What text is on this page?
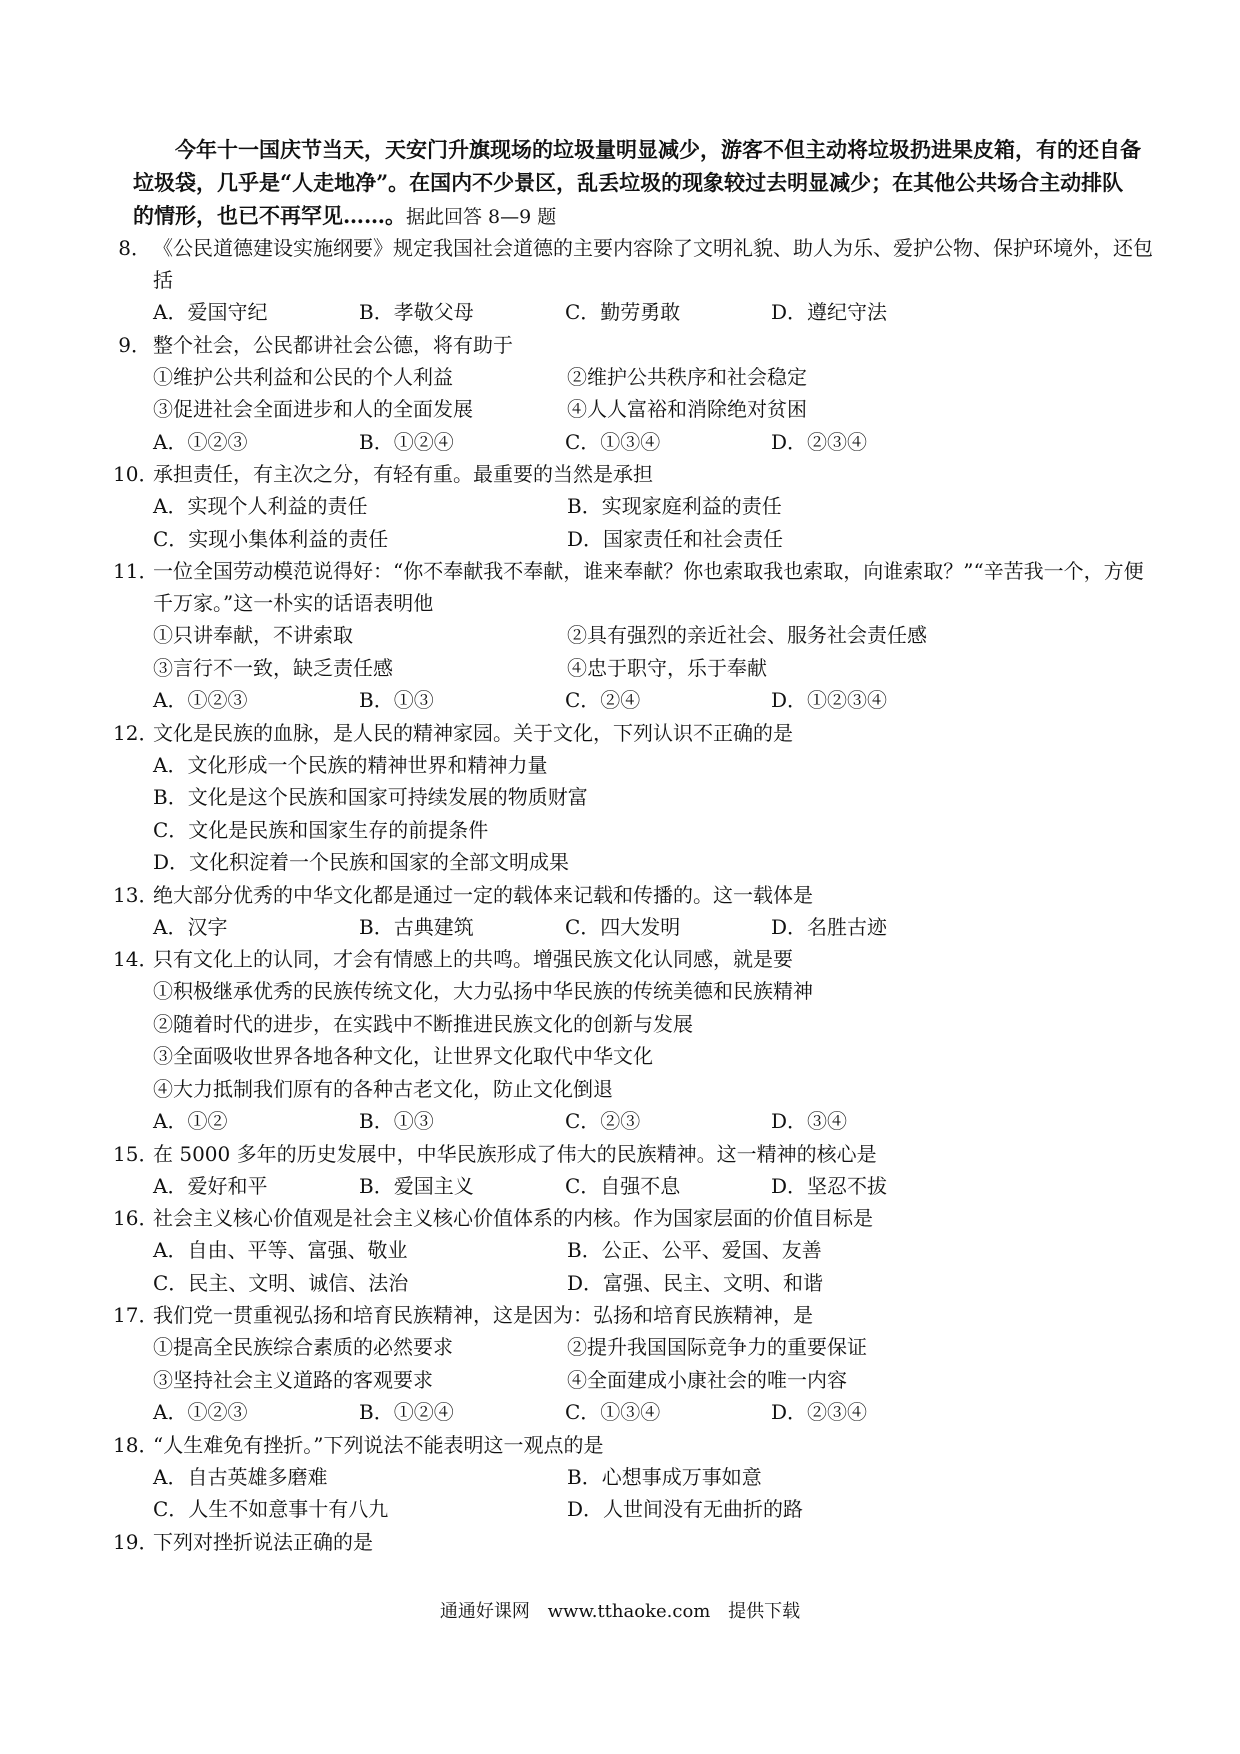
今年十一国庆节当天，天安门升旗现场的垃圾量明显减少，游客不但主动将垃圾扔进果皮箱，有的还自备垃圾袋，几乎是“人走地净”。在国内不少景区，乱丢垃圾的现象较过去明显减少；在其他公共场合主动排队的情形，也已不再罕见……。据此回答 8—9 题

8． 《公民道德建设实施纲要》规定我国社会道德的主要内容除了文明礼貌、助人为乐、爱护公物、保护环境外，还包括
A．爱国守纪	B．孝敬父母	C．勤劳勇敢	D．遵纪守法
9． 整个社会，公民都讲社会公德，将有助于
①维护公共利益和公民的个人利益	②维护公共秩序和社会稳定
③促进社会全面进步和人的全面发展	④人人富裕和消除绝对贫困
A．①②③	B．①②④	C．①③④	D．②③④
10．
承担责任，有主次之分，有轻有重。最重要的当然是承担
A．实现个人利益的责任	B．实现家庭利益的责任
C．实现小集体利益的责任	D．国家责任和社会责任
11．
一位全国劳动模范说得好：“你不奉献我不奉献，谁来奉献？你也索取我也索取，向谁索取？”“辛苦我一个，方便千万家。”这一朴实的话语表明他
①只讲奉献，不讲索取	②具有强烈的亲近社会、服务社会责任感
③言行不一致，缺乏责任感	④忠于职守，乐于奉献
A．①②③	B．①③	C．②④	D．①②③④
12．
文化是民族的血脉，是人民的精神家园。关于文化，下列认识不正确的是
A．文化形成一个民族的精神世界和精神力量
B．文化是这个民族和国家可持续发展的物质财富
C．文化是民族和国家生存的前提条件
D．文化积淀着一个民族和国家的全部文明成果
13．
绝大部分优秀的中华文化都是通过一定的载体来记载和传播的。这一载体是
A．汉字	B．古典建筑	C．四大发明	D．名胜古迹
14．
只有文化上的认同，才会有情感上的共鸣。增强民族文化认同感，就是要
①积极继承优秀的民族传统文化，大力弘扬中华民族的传统美德和民族精神
②随着时代的进步，在实践中不断推进民族文化的创新与发展
③全面吸收世界各地各种文化，让世界文化取代中华文化
④大力抵制我们原有的各种古老文化，防止文化倒退
A．①②	B．①③	C．②③	D．③④
15．
在 5000 多年的历史发展中，中华民族形成了伟大的民族精神。这一精神的核心是
A．爱好和平	B．爱国主义	C．自强不息	D．坚忍不拔
16．
社会主义核心价值观是社会主义核心价值体系的内核。作为国家层面的价值目标是
A．自由、平等、富强、敬业	B．公正、公平、爱国、友善
C．民主、文明、诚信、法治	D．富强、民主、文明、和谐
17．
我们党一贯重视弘扬和培育民族精神，这是因为：弘扬和培育民族精神，是
①提高全民族综合素质的必然要求	②提升我国国际竞争力的重要保证
③坚持社会主义道路的客观要求	④全面建成小康社会的唯一内容
A．①②③	B．①②④	C．①③④	D．②③④
18．
“人生难免有挫折。”下列说法不能表明这一观点的是
A．自古英雄多磨难	B．心想事成万事如意
C．人生不如意事十有八九	D．人世间没有无曲折的路
19．
下列对挫折说法正确的是
通通好课网 www.tthaoke.com 提供下载
